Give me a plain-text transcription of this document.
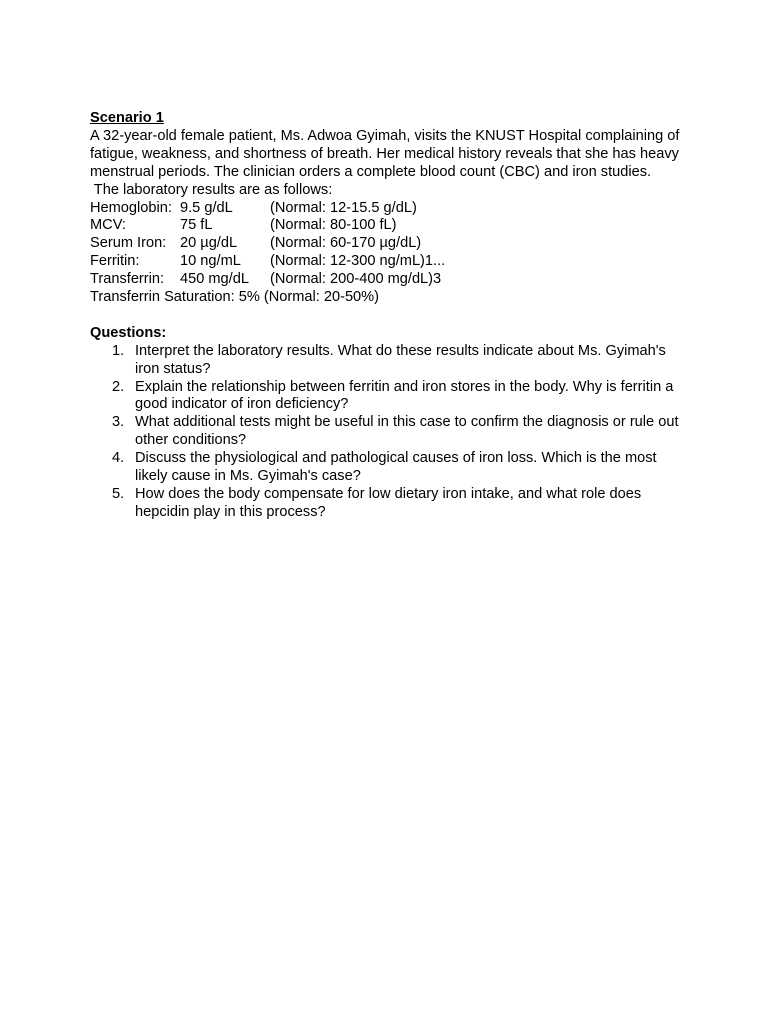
Scenario 1

A 32-year-old female patient, Ms. Adwoa Gyimah, visits the KNUST Hospital complaining of fatigue, weakness, and shortness of breath. Her medical history reveals that she has heavy menstrual periods. The clinician orders a complete blood count (CBC) and iron studies.

The laboratory results are as follows:
Hemoglobin:	9.5 g/dL	(Normal: 12-15.5 g/dL)
MCV:	75 fL	(Normal: 80-100 fL)
Serum Iron:	20 µg/dL	(Normal: 60-170 µg/dL)
Ferritin:	10 ng/mL	(Normal: 12-300 ng/mL)1...
Transferrin:	450 mg/dL	(Normal: 200-400 mg/dL)3
Transferrin Saturation: 5% (Normal: 20-50%)
Questions:
1. Interpret the laboratory results. What do these results indicate about Ms. Gyimah's iron status?
2. Explain the relationship between ferritin and iron stores in the body. Why is ferritin a good indicator of iron deficiency?
3. What additional tests might be useful in this case to confirm the diagnosis or rule out other conditions?
4. Discuss the physiological and pathological causes of iron loss. Which is the most likely cause in Ms. Gyimah's case?
5. How does the body compensate for low dietary iron intake, and what role does hepcidin play in this process?
